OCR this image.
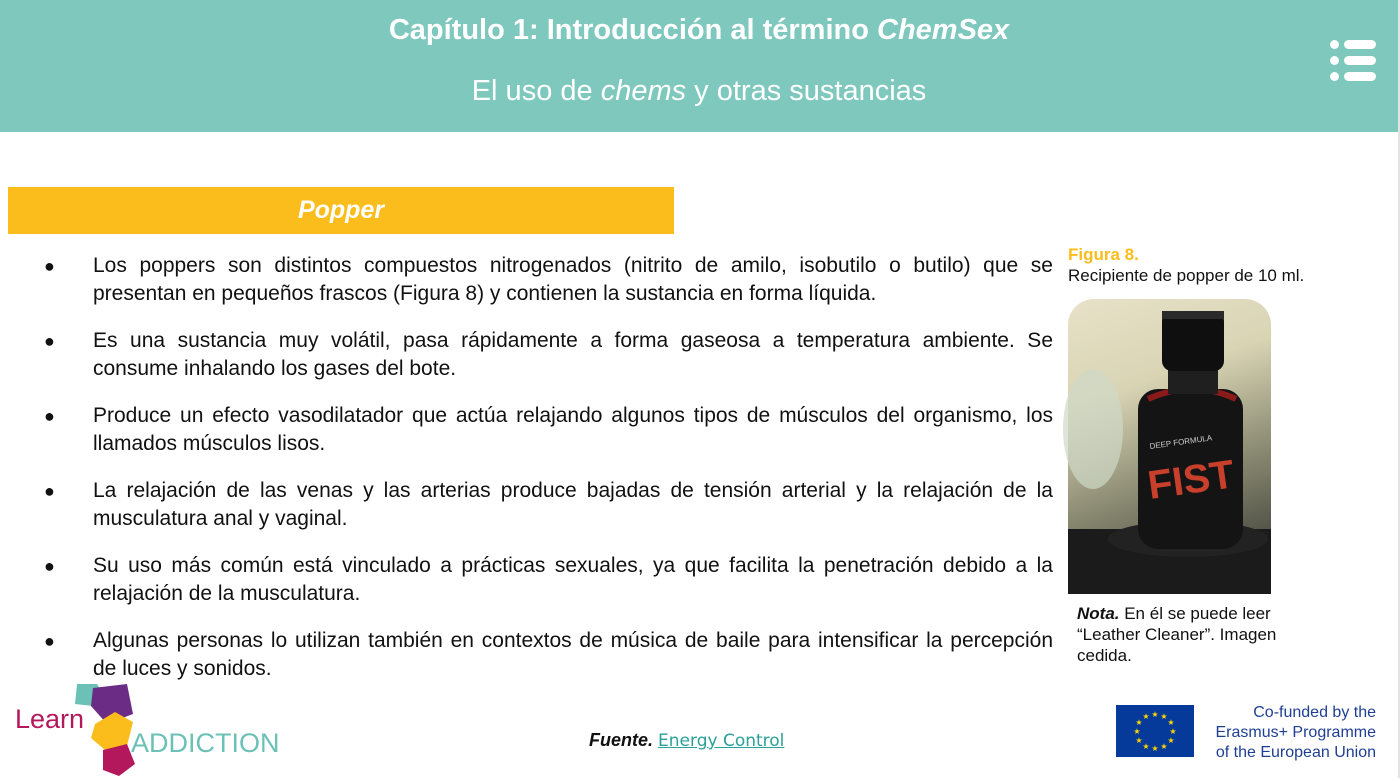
Capítulo 1: Introducción al término ChemSex
El uso de chems y otras sustancias
Popper
● Los poppers son distintos compuestos nitrogenados (nitrito de amilo, isobutilo o butilo) que se presentan en pequeños frascos (Figura 8) y contienen la sustancia en forma líquida.
● Es una sustancia muy volátil, pasa rápidamente a forma gaseosa a temperatura ambiente. Se consume inhalando los gases del bote.
● Produce un efecto vasodilatador que actúa relajando algunos tipos de músculos del organismo, los llamados músculos lisos.
● La relajación de las venas y las arterias produce bajadas de tensión arterial y la relajación de la musculatura anal y vaginal.
● Su uso más común está vinculado a prácticas sexuales, ya que facilita la penetración debido a la relajación de la musculatura.
● Algunas personas lo utilizan también en contextos de música de baile para intensificar la percepción de luces y sonidos.
Figura 8.
Recipiente de popper de 10 ml.
DEEP FORMULA
FIST
Nota. En él se puede leer “Leather Cleaner”. Imagen cedida.
Learn
ADDICTION	Fuente. Energy Control
★ ★
★
★
★
★
★
★
★
★
★
★	Co-funded by the
Erasmus+ Programme
of the European Union
